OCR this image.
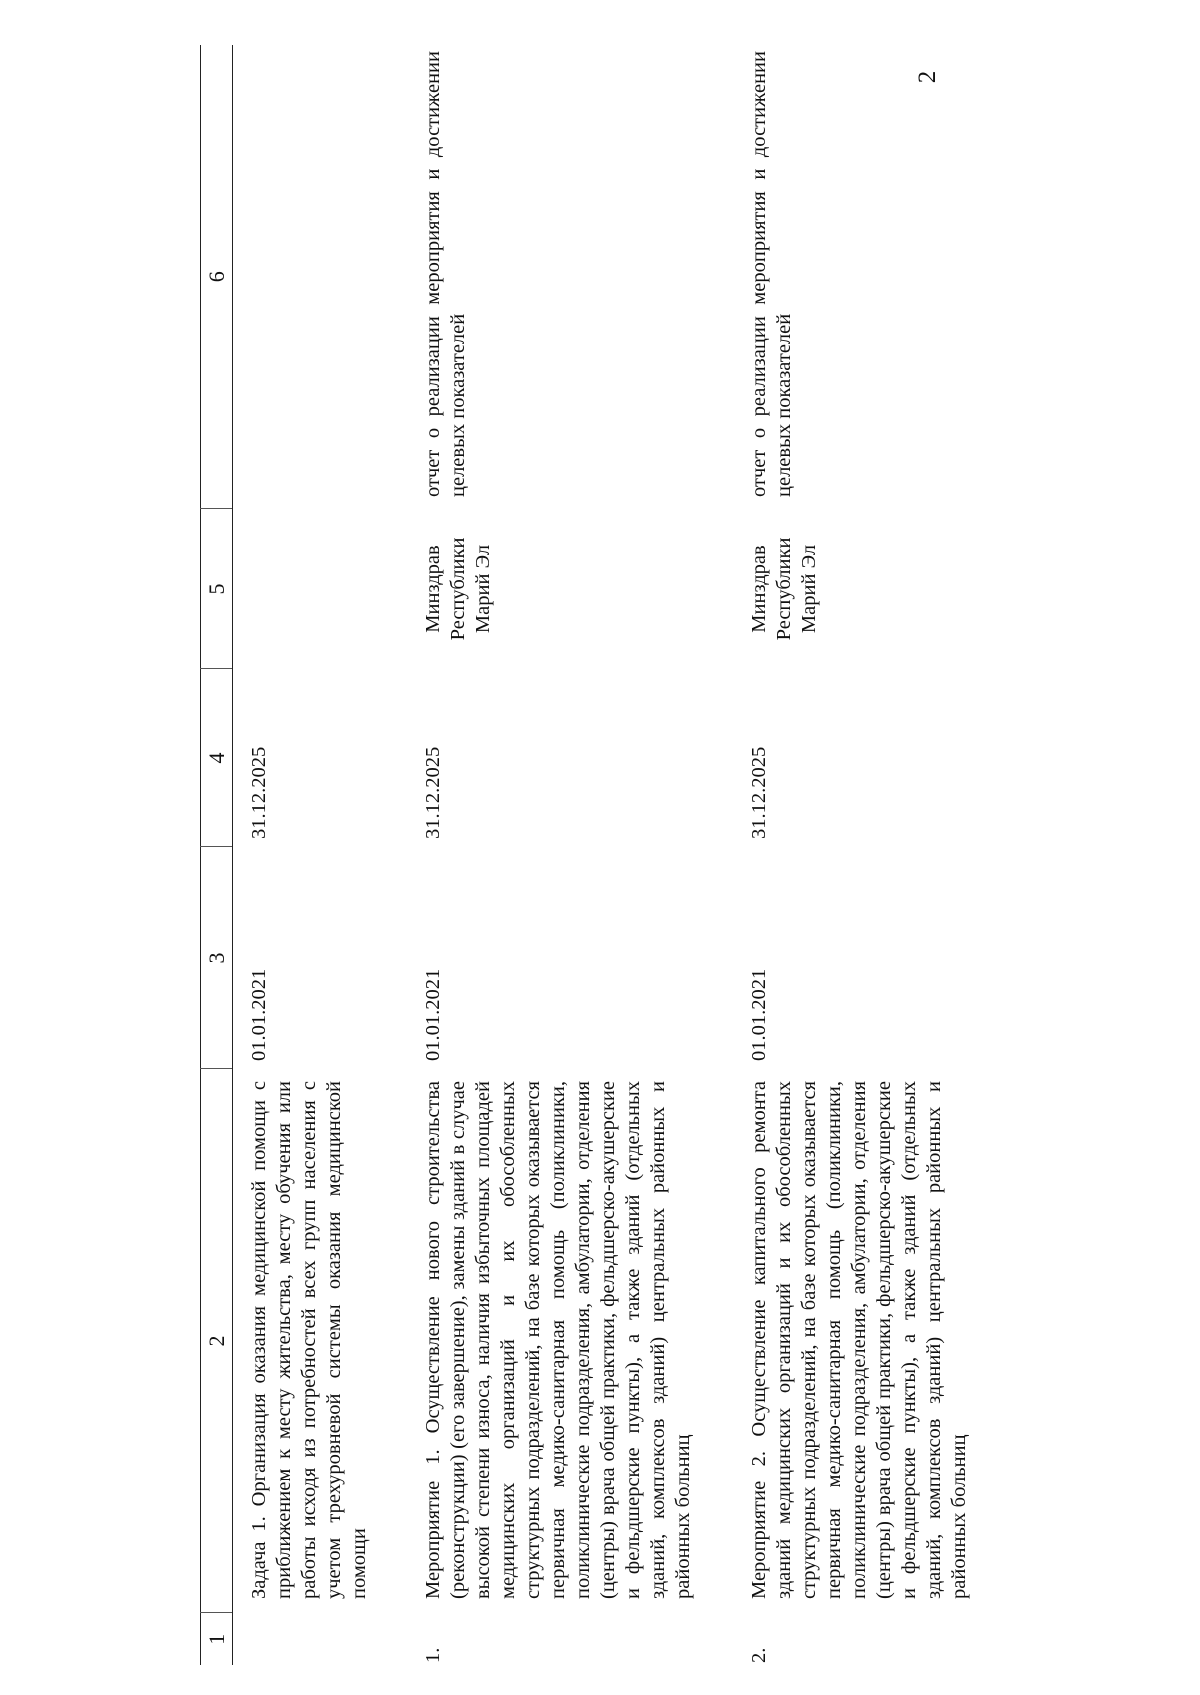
2
1	2	3	4	5	6
	Задача 1. Организация оказания медицинской помощи с приближением к месту жительства, месту обучения или работы исходя из потребностей всех групп населения с учетом трехуровневой системы оказания медицинской помощи	01.01.2021	31.12.2025		
1.	Мероприятие 1. Осуществление нового строительства (реконструкции) (его завершение), замены зданий в случае высокой степени износа, наличия избыточных площадей медицинских организаций и их обособленных структурных подразделений, на базе которых оказывается первичная медико-санитарная помощь (поликлиники, поликлинические подразделения, амбулатории, отделения (центры) врача общей практики, фельдшерско-акушерские и фельдшерские пункты), а также зданий (отдельных зданий, комплексов зданий) центральных районных и районных больниц	01.01.2021	31.12.2025	Минздрав Республики Марий Эл	отчет о реализации мероприятия и достижении целевых показателей
2.	Мероприятие 2. Осуществление капитального ремонта зданий медицинских организаций и их обособленных структурных подразделений, на базе которых оказывается первичная медико-санитарная помощь (поликлиники, поликлинические подразделения, амбулатории, отделения (центры) врача общей практики, фельдшерско-акушерские и фельдшерские пункты), а также зданий (отдельных зданий, комплексов зданий) центральных районных и районных больниц	01.01.2021	31.12.2025	Минздрав Республики Марий Эл	отчет о реализации мероприятия и достижении целевых показателей
